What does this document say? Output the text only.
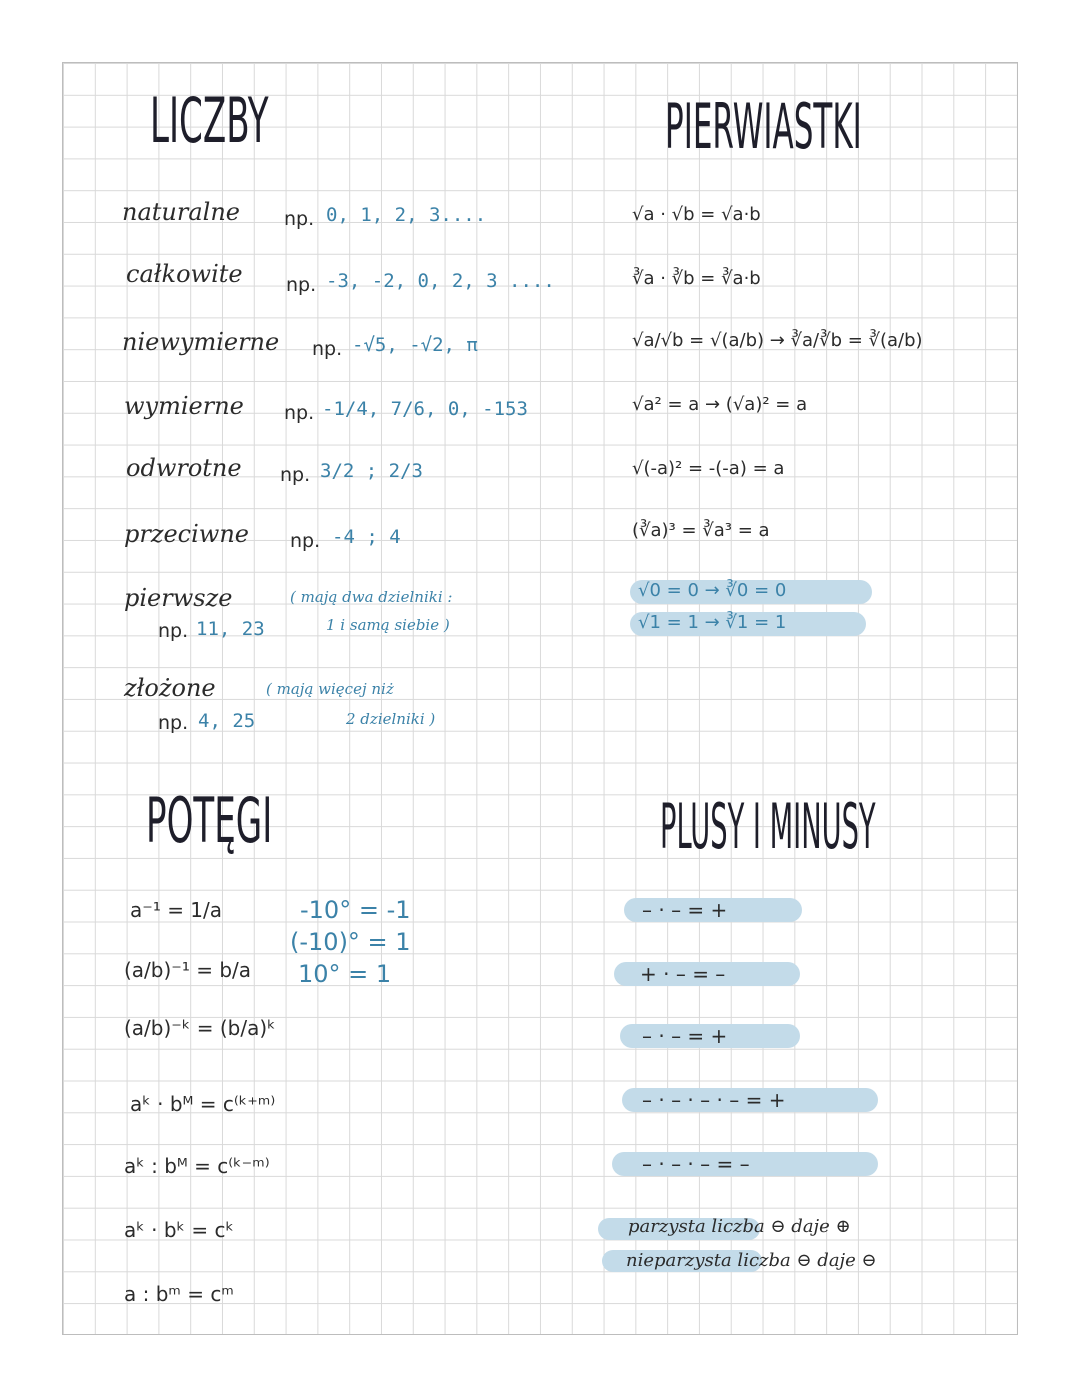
LICZBY	PIERWIASTKI
POTĘGI	PLUSY I MINUSY
naturalne np. 0, 1, 2, 3....
całkowite np. -3, -2, 0, 2, 3 ....
niewymierne np. -√5, -√2, π
wymierne np. -1/4, 7/6, 0, -153
odwrotne np. 3/2 ; 2/3
przeciwne np. -4 ; 4
pierwsze	( mają dwa dzielniki :
np. 11, 23	1 i samą siebie )
złożone	( mają więcej niż
np. 4, 25	2 dzielniki )
√a · √b = √a·b
∛a · ∛b = ∛a·b
√a/√b = √(a/b) → ∛a/∛b = ∛(a/b)
√a² = a → (√a)² = a
√(-a)² = -(-a) = a
(∛a)³ = ∛a³ = a
√0 = 0 → ∛0 = 0
√1 = 1 → ∛1 = 1
a⁻¹ = 1/a
(a/b)⁻¹ = b/a
(a/b)⁻ᵏ = (b/a)ᵏ
aᵏ · bᴹ = c⁽ᵏ⁺ᵐ⁾
aᵏ : bᴹ = c⁽ᵏ⁻ᵐ⁾
aᵏ · bᵏ = cᵏ
a : bᵐ = cᵐ
-10° = -1
(-10)° = 1
10° = 1
– · – = +
+ · – = –
– · – = +
– · – · – · – = +
– · – · – = –
parzysta liczba ⊖ daje ⊕
nieparzysta liczba ⊖ daje ⊖
